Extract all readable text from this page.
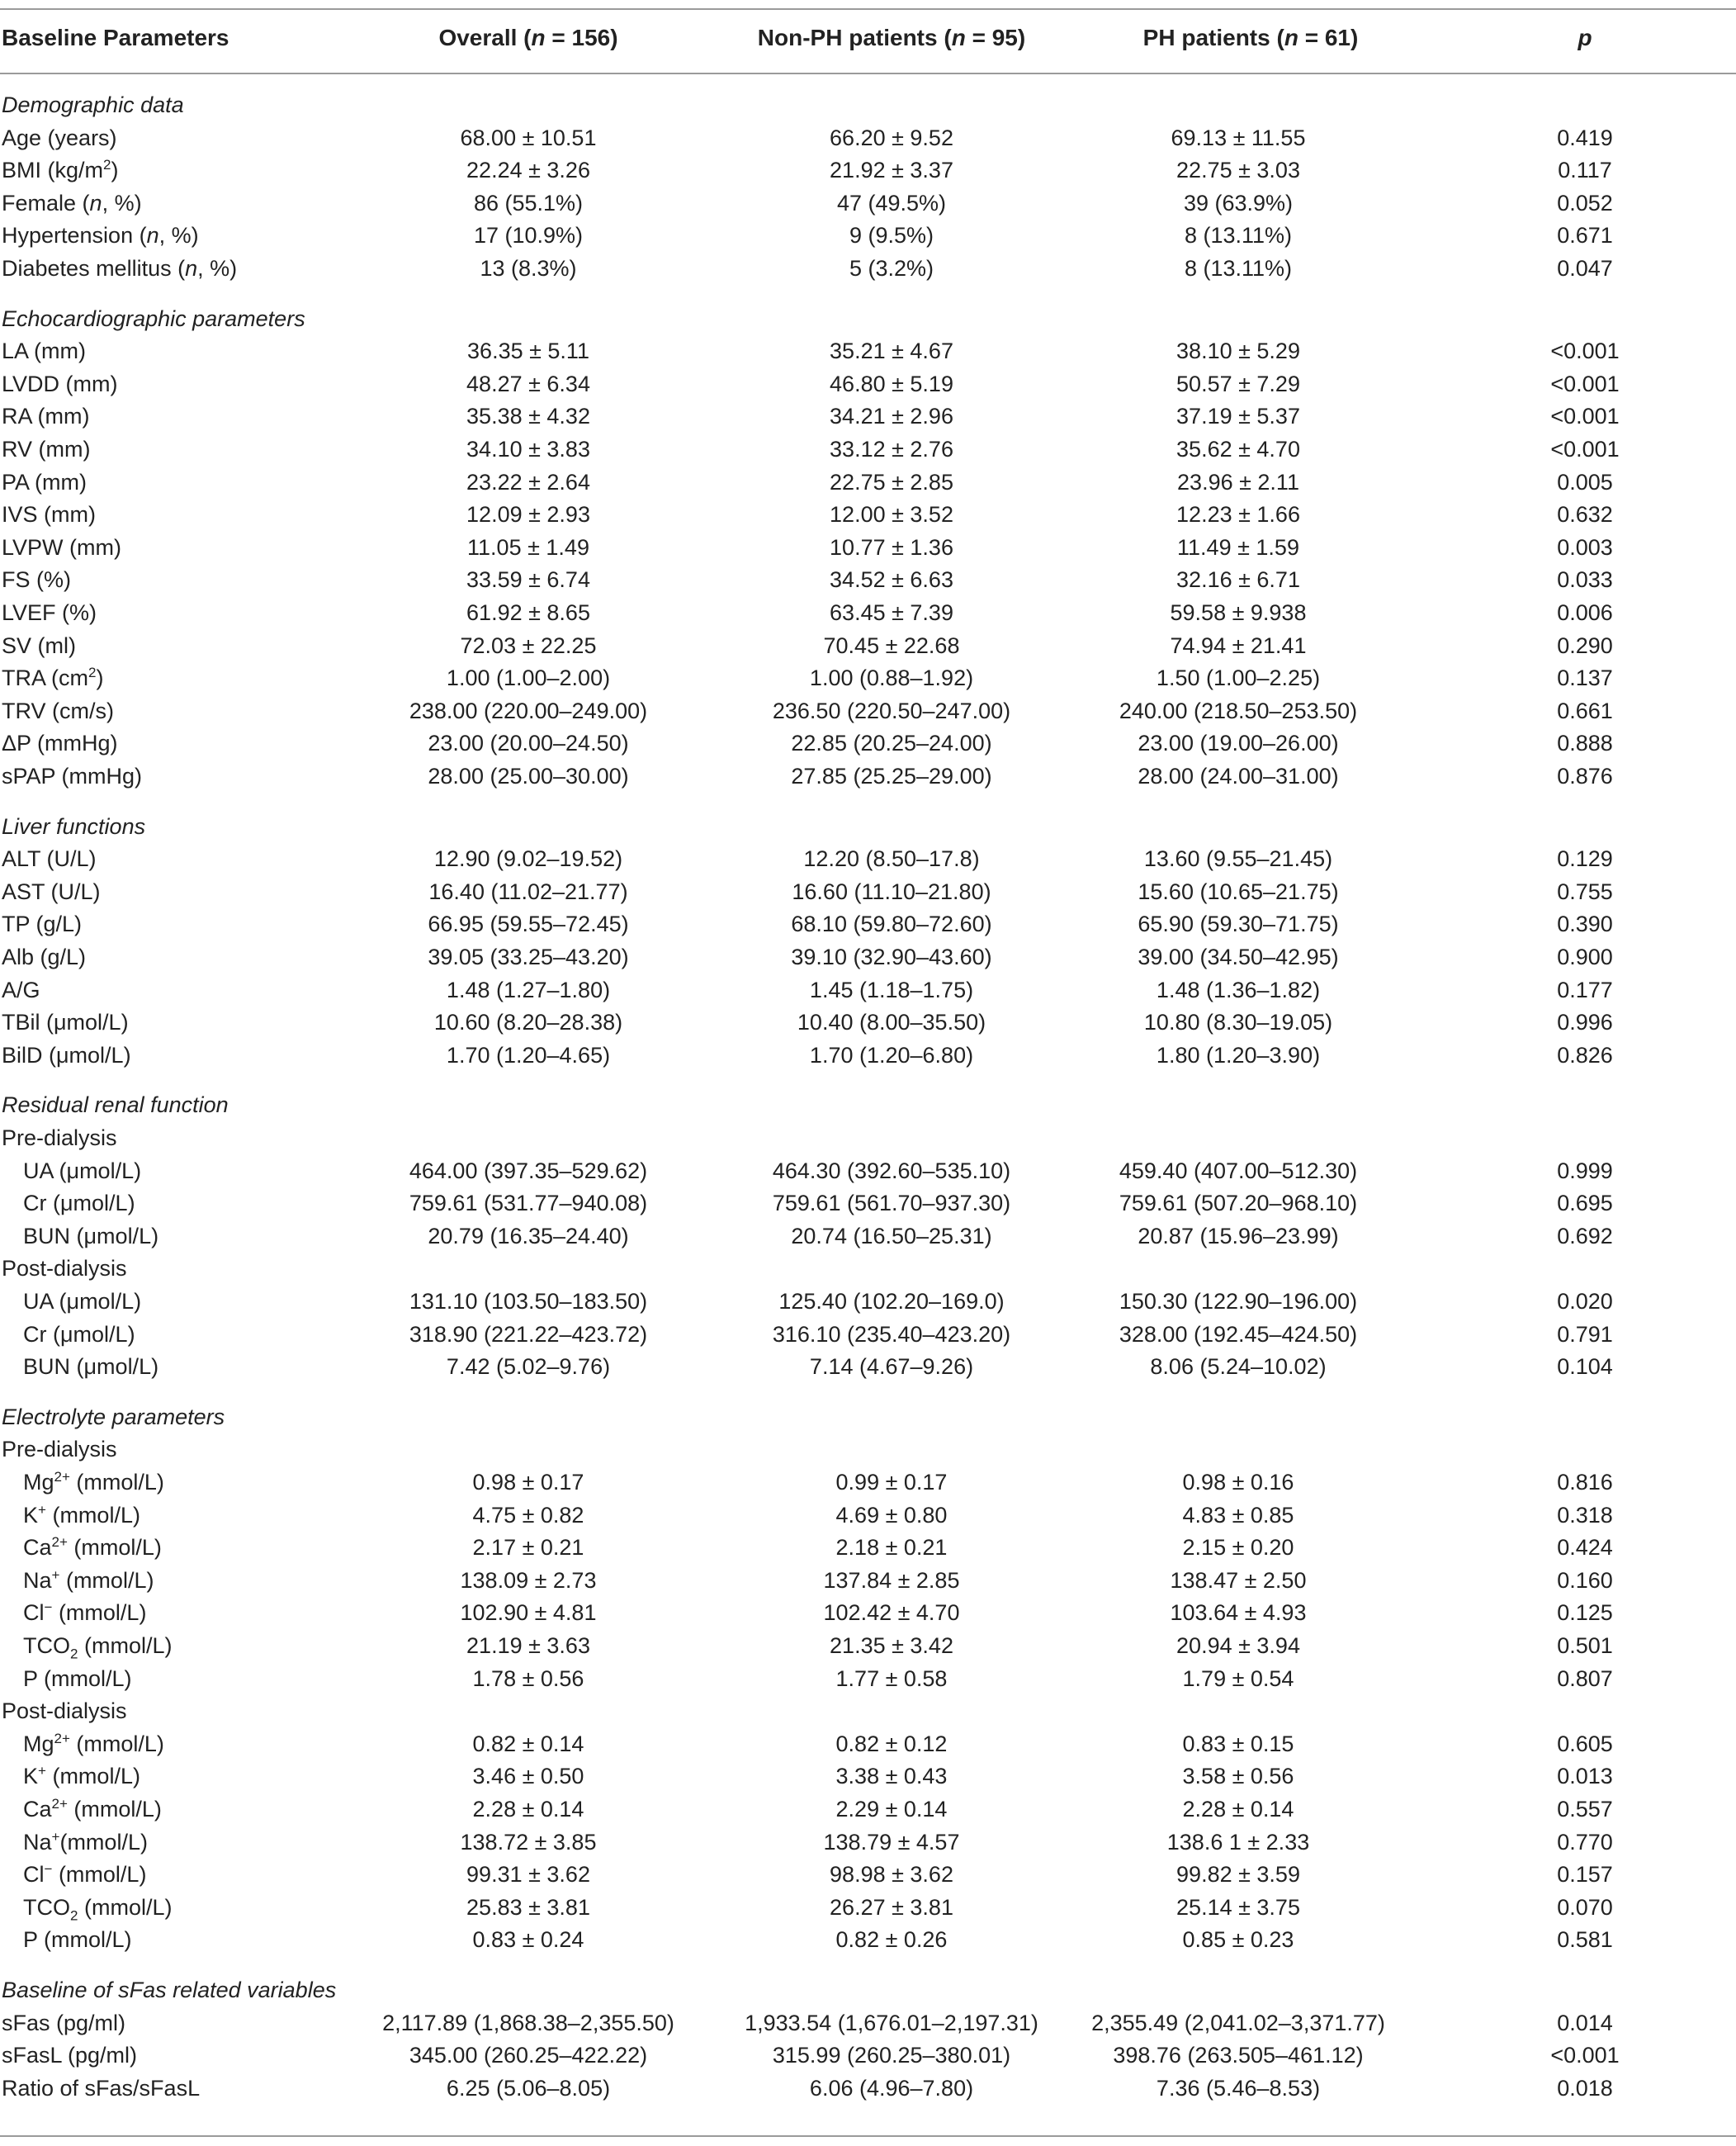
Baseline Parameters	Overall (n = 156)	Non-PH patients (n = 95)	PH patients (n = 61)	p
Demographic data
Age (years)	68.00 ± 10.51	66.20 ± 9.52	69.13 ± 11.55	0.419
BMI $(kg/m^2)$	22.24 ± 3.26	21.92 ± 3.37	22.75 ± 3.03	0.117
Female (n, %)	86 (55.1%)	47 (49.5%)	39 (63.9%)	0.052
Hypertension (n, %)	17 (10.9%)	9 (9.5%)	8 (13.11%)	0.671
Diabetes mellitus (n, %)	13 (8.3%)	5 (3.2%)	8 (13.11%)	0.047
Echocardiographic parameters
LA (mm)	36.35 ± 5.11	35.21 ± 4.67	38.10 ± 5.29	<0.001
LVDD (mm)	48.27 ± 6.34	46.80 ± 5.19	50.57 ± 7.29	<0.001
RA (mm)	35.38 ± 4.32	34.21 ± 2.96	37.19 ± 5.37	<0.001
RV (mm)	34.10 ± 3.83	33.12 ± 2.76	35.62 ± 4.70	<0.001
PA (mm)	23.22 ± 2.64	22.75 ± 2.85	23.96 ± 2.11	0.005
IVS (mm)	12.09 ± 2.93	12.00 ± 3.52	12.23 ± 1.66	0.632
LVPW (mm)	11.05 ± 1.49	10.77 ± 1.36	11.49 ± 1.59	0.003
FS (%)	33.59 ± 6.74	34.52 ± 6.63	32.16 ± 6.71	0.033
LVEF (%)	61.92 ± 8.65	63.45 ± 7.39	59.58 ± 9.938	0.006
SV (ml)	72.03 ± 22.25	70.45 ± 22.68	74.94 ± 21.41	0.290
TRA $(cm^2)$	1.00 (1.00–2.00)	1.00 (0.88–1.92)	1.50 (1.00–2.25)	0.137
TRV (cm/s)	238.00 (220.00–249.00)	236.50 (220.50–247.00)	240.00 (218.50–253.50)	0.661
ΔP (mmHg)	23.00 (20.00–24.50)	22.85 (20.25–24.00)	23.00 (19.00–26.00)	0.888
sPAP (mmHg)	28.00 (25.00–30.00)	27.85 (25.25–29.00)	28.00 (24.00–31.00)	0.876
Liver functions
ALT (U/L)	12.90 (9.02–19.52)	12.20 (8.50–17.8)	13.60 (9.55–21.45)	0.129
AST (U/L)	16.40 (11.02–21.77)	16.60 (11.10–21.80)	15.60 (10.65–21.75)	0.755
TP (g/L)	66.95 (59.55–72.45)	68.10 (59.80–72.60)	65.90 (59.30–71.75)	0.390
Alb (g/L)	39.05 (33.25–43.20)	39.10 (32.90–43.60)	39.00 (34.50–42.95)	0.900
A/G	1.48 (1.27–1.80)	1.45 (1.18–1.75)	1.48 (1.36–1.82)	0.177
TBil (μmol/L)	10.60 (8.20–28.38)	10.40 (8.00–35.50)	10.80 (8.30–19.05)	0.996
BilD (μmol/L)	1.70 (1.20–4.65)	1.70 (1.20–6.80)	1.80 (1.20–3.90)	0.826
Residual renal function
Pre-dialysis
UA (μmol/L)	464.00 (397.35–529.62)	464.30 (392.60–535.10)	459.40 (407.00–512.30)	0.999
Cr (μmol/L)	759.61 (531.77–940.08)	759.61 (561.70–937.30)	759.61 (507.20–968.10)	0.695
BUN (μmol/L)	20.79 (16.35–24.40)	20.74 (16.50–25.31)	20.87 (15.96–23.99)	0.692
Post-dialysis
UA (μmol/L)	131.10 (103.50–183.50)	125.40 (102.20–169.0)	150.30 (122.90–196.00)	0.020
Cr (μmol/L)	318.90 (221.22–423.72)	316.10 (235.40–423.20)	328.00 (192.45–424.50)	0.791
BUN (μmol/L)	7.42 (5.02–9.76)	7.14 (4.67–9.26)	8.06 (5.24–10.02)	0.104
Electrolyte parameters
Pre-dialysis
$Mg^{2+}$ (mmol/L)	0.98 ± 0.17	0.99 ± 0.17	0.98 ± 0.16	0.816
K+ (mmol/L)	4.75 ± 0.82	4.69 ± 0.80	4.83 ± 0.85	0.318
$Ca^{2+}$ (mmol/L)	2.17 ± 0.21	2.18 ± 0.21	2.15 ± 0.20	0.424
Na+ (mmol/L)	138.09 ± 2.73	137.84 ± 2.85	138.47 ± 2.50	0.160
Cl− (mmol/L)	102.90 ± 4.81	102.42 ± 4.70	103.64 ± 4.93	0.125
$TCO_2$ (mmol/L)	21.19 ± 3.63	21.35 ± 3.42	20.94 ± 3.94	0.501
P (mmol/L)	1.78 ± 0.56	1.77 ± 0.58	1.79 ± 0.54	0.807
Post-dialysis
$Mg^{2+}$ (mmol/L)	0.82 ± 0.14	0.82 ± 0.12	0.83 ± 0.15	0.605
K+ (mmol/L)	3.46 ± 0.50	3.38 ± 0.43	3.58 ± 0.56	0.013
$Ca^{2+}$ (mmol/L)	2.28 ± 0.14	2.29 ± 0.14	2.28 ± 0.14	0.557
Na+(mmol/L)	138.72 ± 3.85	138.79 ± 4.57	138.6 1 ± 2.33	0.770
Cl− (mmol/L)	99.31 ± 3.62	98.98 ± 3.62	99.82 ± 3.59	0.157
$TCO_2$ (mmol/L)	25.83 ± 3.81	26.27 ± 3.81	25.14 ± 3.75	0.070
P (mmol/L)	0.83 ± 0.24	0.82 ± 0.26	0.85 ± 0.23	0.581
Baseline of sFas related variables
sFas (pg/ml)	2,117.89 (1,868.38–2,355.50)	1,933.54 (1,676.01–2,197.31)	2,355.49 (2,041.02–3,371.77)	0.014
sFasL (pg/ml)	345.00 (260.25–422.22)	315.99 (260.25–380.01)	398.76 (263.505–461.12)	<0.001
Ratio of sFas/sFasL	6.25 (5.06–8.05)	6.06 (4.96–7.80)	7.36 (5.46–8.53)	0.018
